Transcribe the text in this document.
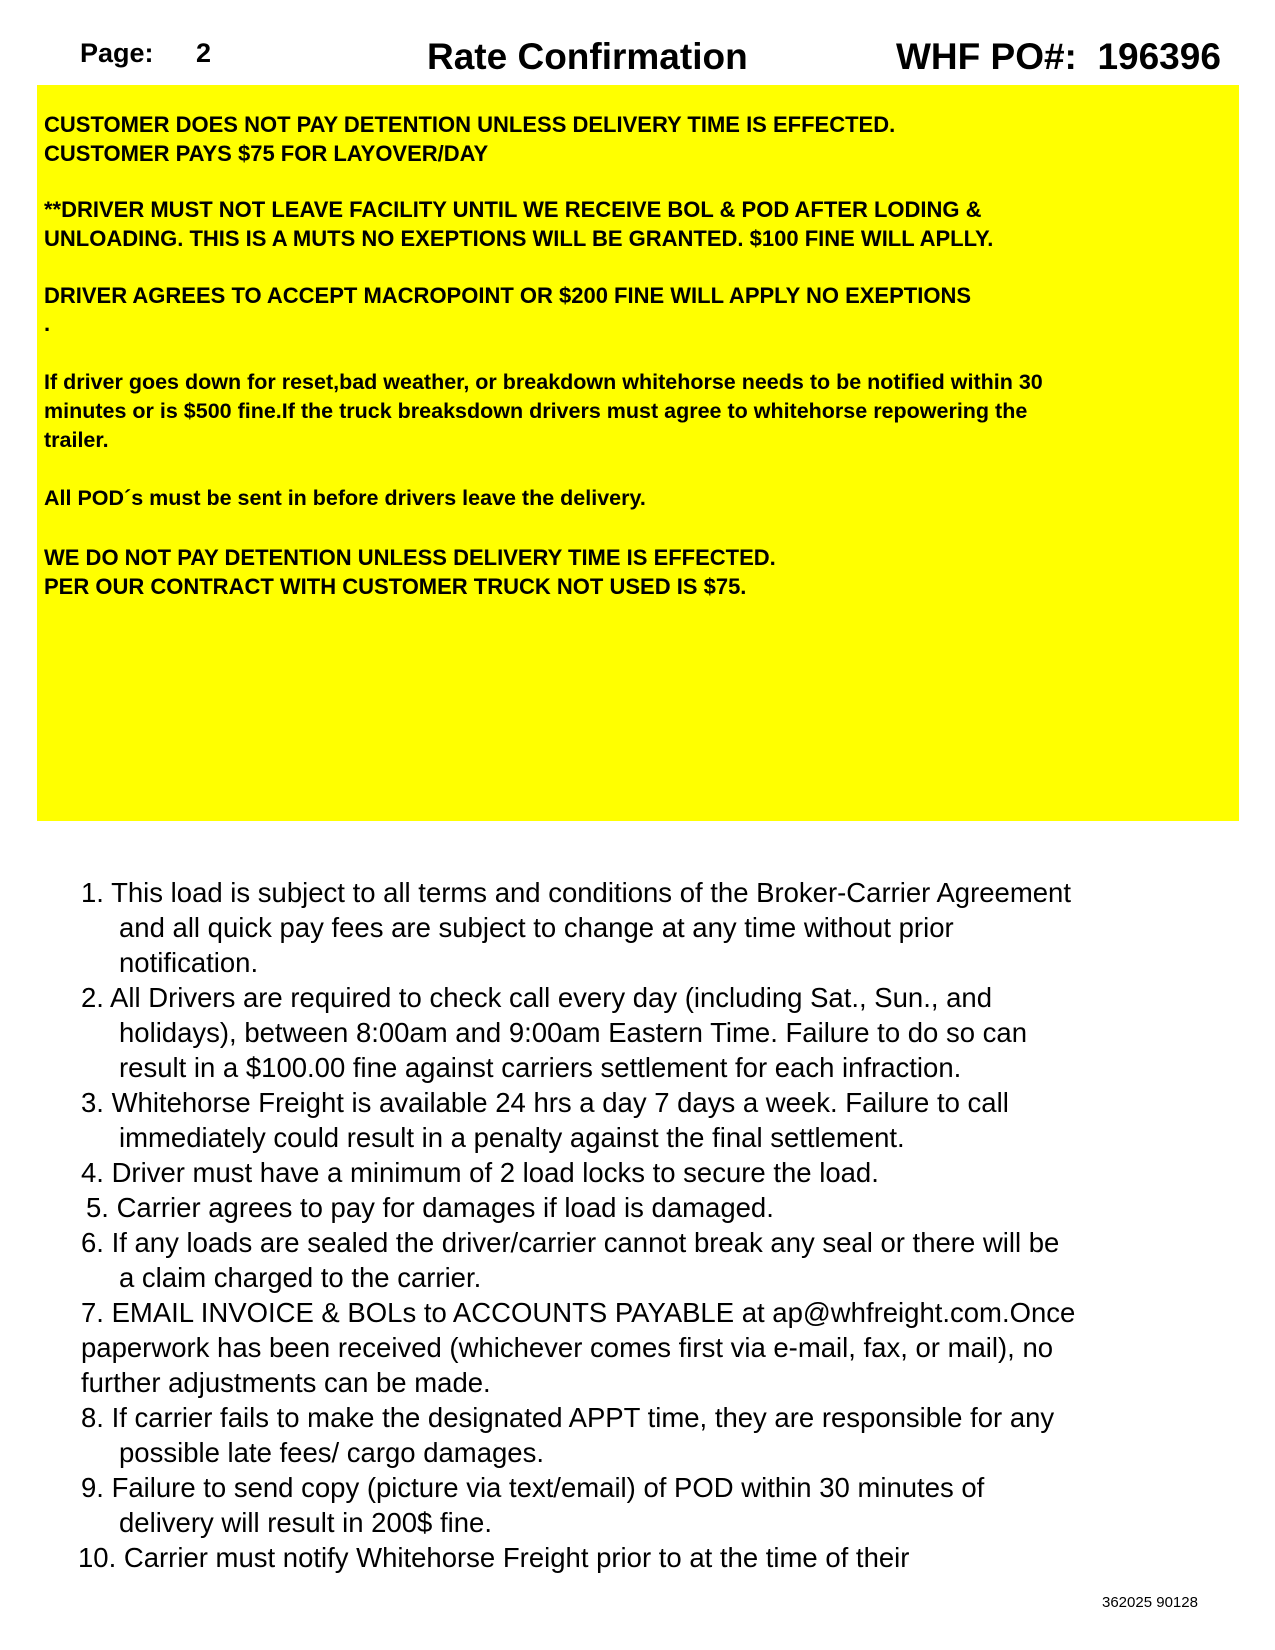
Page: 2	Rate Confirmation	WHF PO#:  196396
CUSTOMER DOES NOT PAY DETENTION UNLESS DELIVERY TIME IS EFFECTED.
CUSTOMER PAYS $75 FOR LAYOVER/DAY
**DRIVER MUST NOT LEAVE FACILITY UNTIL WE RECEIVE BOL & POD AFTER LODING &
UNLOADING. THIS IS A MUTS NO EXEPTIONS WILL BE GRANTED. $100 FINE WILL APLLY.
DRIVER AGREES TO ACCEPT MACROPOINT OR $200 FINE WILL APPLY NO EXEPTIONS
.
If driver goes down for reset,bad weather, or breakdown whitehorse needs to be notified within 30
minutes or is $500 fine.If the truck breaksdown drivers must agree to whitehorse repowering the
trailer.
All POD´s must be sent in before drivers leave the delivery.
WE DO NOT PAY DETENTION UNLESS DELIVERY TIME IS EFFECTED.
PER OUR CONTRACT WITH CUSTOMER TRUCK NOT USED IS $75.
1. This load is subject to all terms and conditions of the Broker-Carrier Agreement
and all quick pay fees are subject to change at any time without prior
notification.
2. All Drivers are required to check call every day (including Sat., Sun., and
holidays), between 8:00am and 9:00am Eastern Time. Failure to do so can
result in a $100.00 fine against carriers settlement for each infraction.
3. Whitehorse Freight is available 24 hrs a day 7 days a week. Failure to call
immediately could result in a penalty against the final settlement.
4. Driver must have a minimum of 2 load locks to secure the load.
5. Carrier agrees to pay for damages if load is damaged.
6. If any loads are sealed the driver/carrier cannot break any seal or there will be
a claim charged to the carrier.
7. EMAIL INVOICE & BOLs to ACCOUNTS PAYABLE at ap@whfreight.com.Once
paperwork has been received (whichever comes first via e-mail, fax, or mail), no
further adjustments can be made.
8. If carrier fails to make the designated APPT time, they are responsible for any
possible late fees/ cargo damages.
9. Failure to send copy (picture via text/email) of POD within 30 minutes of
delivery will result in 200$ fine.
10. Carrier must notify Whitehorse Freight prior to at the time of their
362025 90128
